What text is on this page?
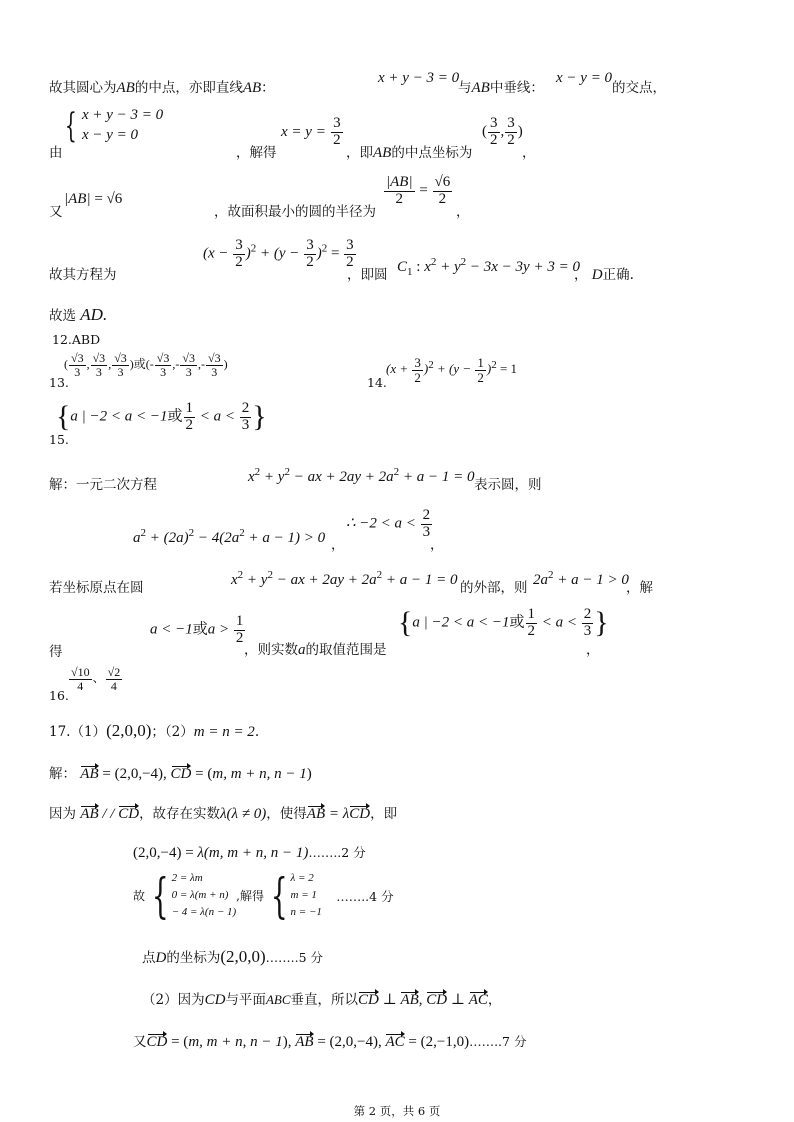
故其圆心为AB的中点，亦即直线AB：
x + y − 3 = 0
与AB中垂线：
x − y = 0
的交点，
由
{ x + y − 3 = 0
x − y = 0
，解得
$x = y = \frac{3}{2}$
，即AB的中点坐标为
( $\frac{3}{2}$ , $\frac{3}{2}$ )
，
又
|AB| = √6
，故面积最小的圆的半径为
$\frac{|AB|}{2} = \frac{√6}{2}$
，
故其方程为
$(x - \frac{3}{2} )^2 + (y - \frac{3}{2} )^2 = \frac{3}{2}$
，即圆 $C_1$ : $x^2 + y^2 - 3x - 3y + 3 = 0$
， D正确.
故选 AD.
12.ABD
13.
( $\frac{√3}{3}$ , $\frac{√3}{3}$ , $\frac{√3}{3}$ )或(- $\frac{√3}{3}$ ,- $\frac{√3}{3}$ ,- $\frac{√3}{3}$ )
14.
$(x + \frac{3}{2} )^2 + (y - \frac{1}{2} )^2 = 1$
15.
{a | −2 < a < −1或 $\frac{1}{2} < a < \frac{2}{3}$ }
解：一元二次方程	$x^2 + y^2$ − ax + $2ay + 2a^2 + a - 1 = 0$ 表示圆，则
$a^2 + (2a)^2 - 4(2a^2 + a - 1) > 0$ ，
∴ $-2 < a < \frac{2}{3}$
，
若坐标原点在圆	$x^2 + y^2$ − ax + $2ay + 2a^2 + a - 1 = 0$ 的外部，则 $2a^2 + a - 1 > 0$
，解
得
a < −1或$a > \frac{1}{2}$
，则实数a的取值范围是
{a | −2 < a < −1或 $\frac{1}{2} < a < \frac{2}{3}$ }
，
16.
$\frac{√10}{4}$ 、 $\frac{√2}{4}$
17.（1）(2,0,0)；（2）m = n = 2.
解： AB = (2,0,−4), CD = (m, m + n, n − 1)
因为 AB / / CD，故存在实数λ(λ ≠ 0)，使得AB = λCD，即
(2,0,−4) = λ(m, m + n, n − 1)……..2 分
故 { 2 = λm
0 = λ(m + n)
− 4 = λ(n − 1)
,解得 { λ = 2
m = 1
n = −1
……..4 分
点D的坐标为(2,0,0)……..5 分
（2）因为CD与平面ABC垂直，所以CD ⊥ AB, CD ⊥ AC，
又CD = (m, m + n, n − 1), AB = (2,0,−4), AC = (2,−1,0)……..7 分
第 2 页，共 6 页
